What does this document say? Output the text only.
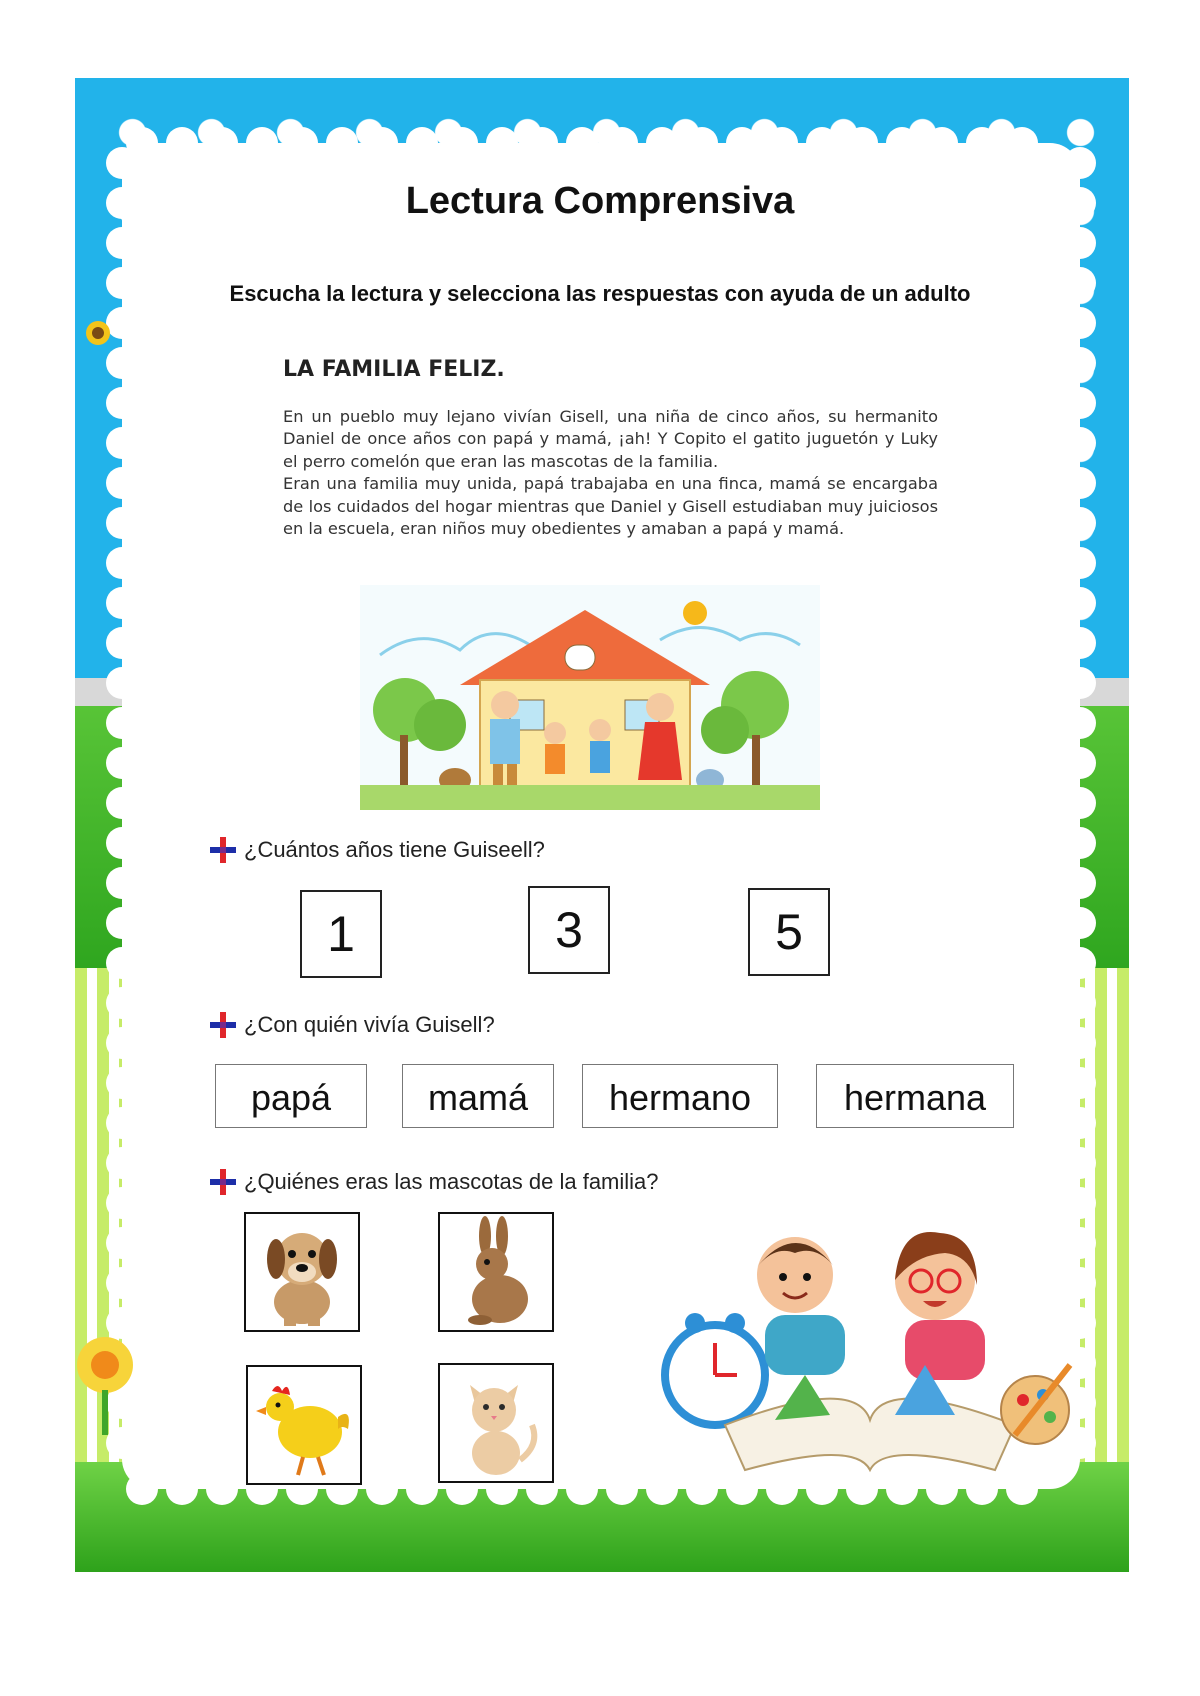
Lectura Comprensiva
Escucha la lectura y selecciona las respuestas con ayuda de un adulto
LA FAMILIA FELIZ.

En un pueblo muy lejano vivían Gisell, una niña de cinco años, su hermanito Daniel de once años con papá y mamá, ¡ah! Y Copito el gatito juguetón y Luky el perro comelón que eran las mascotas de la familia.

Eran una familia muy unida, papá trabajaba en una finca, mamá se encargaba de los cuidados del hogar mientras que Daniel y Gisell estudiaban muy juiciosos en la escuela, eran niños muy obedientes y amaban a papá y mamá.

¿Cuántos años tiene Guiseell?
1	3	5
¿Con quién vivía Guisell?
papá	mamá	hermano	hermana
¿Quiénes eras las mascotas de la familia?
